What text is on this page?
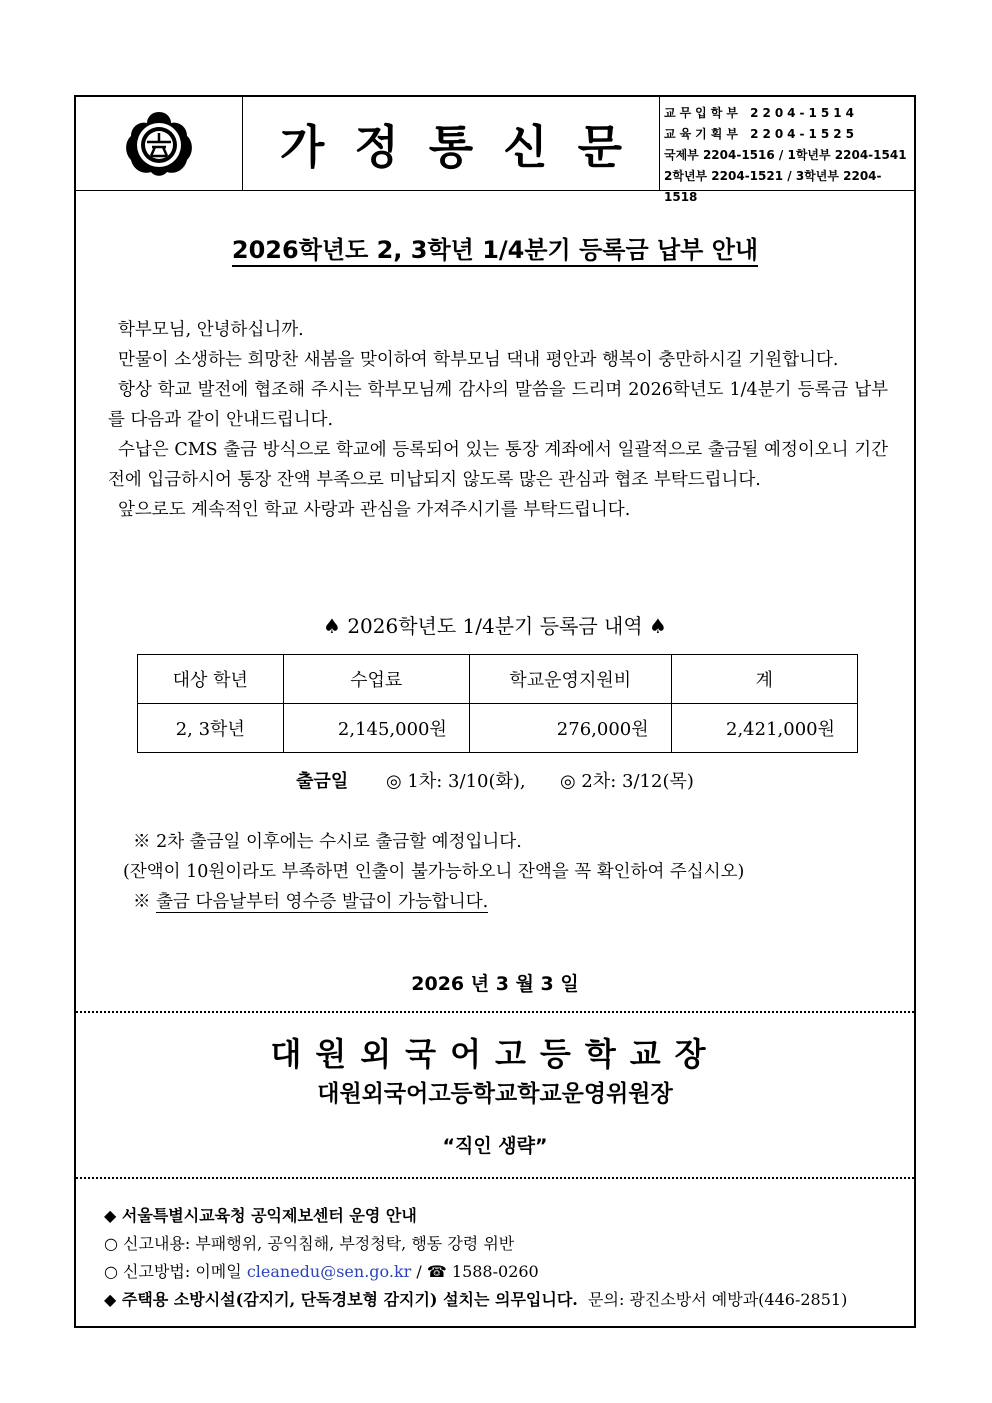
가정통신문
교무입학부 2204-1514
교육기획부 2204-1525
국제부 2204-1516 / 1학년부 2204-1541
2학년부 2204-1521 / 3학년부 2204-1518
2026학년도 2, 3학년 1/4분기 등록금 납부 안내

학부모님, 안녕하십니까.

만물이 소생하는 희망찬 새봄을 맞이하여 학부모님 댁내 평안과 행복이 충만하시길 기원합니다.

항상 학교 발전에 협조해 주시는 학부모님께 감사의 말씀을 드리며 2026학년도 1/4분기 등록금 납부를 다음과 같이 안내드립니다.

수납은 CMS 출금 방식으로 학교에 등록되어 있는 통장 계좌에서 일괄적으로 출금될 예정이오니 기간 전에 입금하시어 통장 잔액 부족으로 미납되지 않도록 많은 관심과 협조 부탁드립니다.

앞으로도 계속적인 학교 사랑과 관심을 가져주시기를 부탁드립니다.

♠ 2026학년도 1/4분기 등록금 내역 ♠
대상 학년	수업료	학교운영지원비	계
2, 3학년	2,145,000원	276,000원	2,421,000원
출금일 ◎ 1차: 3/10(화), ◎ 2차: 3/12(목)
※ 2차 출금일 이후에는 수시로 출금할 예정입니다.
(잔액이 10원이라도 부족하면 인출이 불가능하오니 잔액을 꼭 확인하여 주십시오)
※ 출금 다음날부터 영수증 발급이 가능합니다.
2026 년 3 월 3 일
대원외국어고등학교장
대원외국어고등학교학교운영위원장
“직인 생략”
◆ 서울특별시교육청 공익제보센터 운영 안내
○ 신고내용: 부패행위, 공익침해, 부정청탁, 행동 강령 위반
○ 신고방법: 이메일 cleanedu@sen.go.kr / ☎ 1588-0260
◆ 주택용 소방시설(감지기, 단독경보형 감지기) 설치는 의무입니다. 문의: 광진소방서 예방과(446-2851)
